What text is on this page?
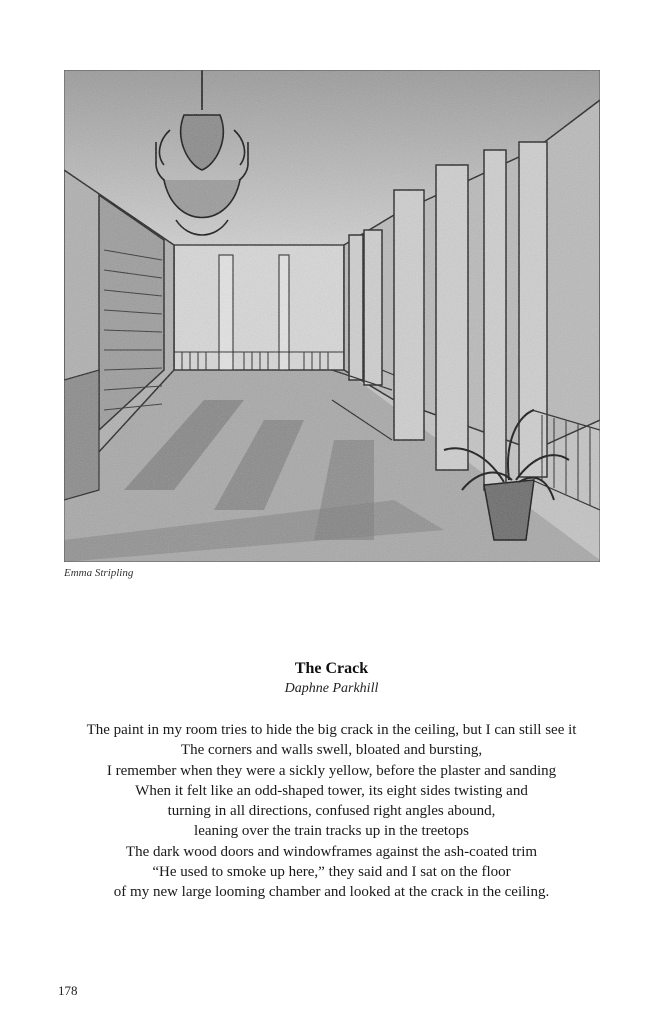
Emma Stripling
The Crack
Daphne Parkhill
The paint in my room tries to hide the big crack in the ceiling, but I can still see it
The corners and walls swell, bloated and bursting,
I remember when they were a sickly yellow, before the plaster and sanding
When it felt like an odd-shaped tower, its eight sides twisting and
turning in all directions, confused right angles abound,
leaning over the train tracks up in the treetops
The dark wood doors and windowframes against the ash-coated trim
“He used to smoke up here,” they said and I sat on the floor
of my new large looming chamber and looked at the crack in the ceiling.
178
